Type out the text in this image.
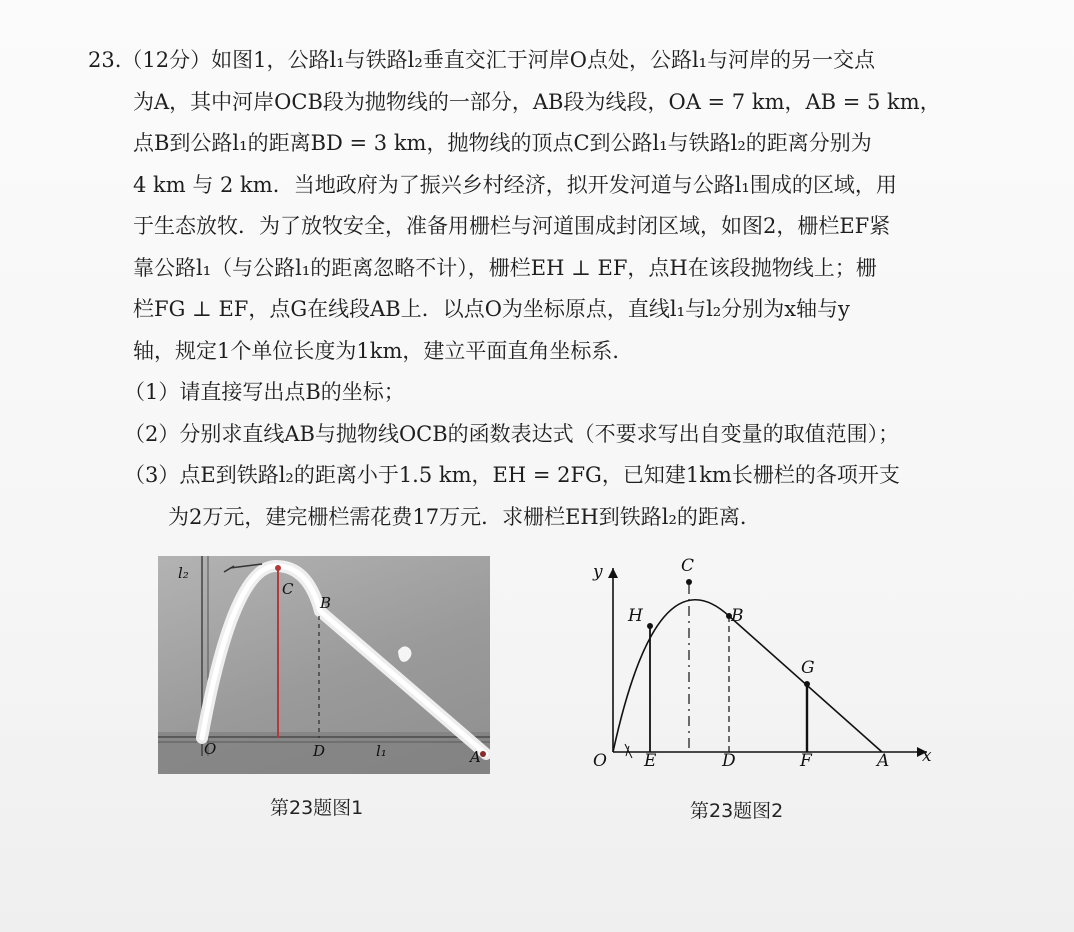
23.（12分）如图1，公路l₁与铁路l₂垂直交汇于河岸O点处，公路l₁与河岸的另一交点
为A，其中河岸OCB段为抛物线的一部分，AB段为线段，OA = 7 km，AB = 5 km，
点B到公路l₁的距离BD = 3 km，抛物线的顶点C到公路l₁与铁路l₂的距离分别为
4 km 与 2 km．当地政府为了振兴乡村经济，拟开发河道与公路l₁围成的区域，用
于生态放牧．为了放牧安全，准备用栅栏与河道围成封闭区域，如图2，栅栏EF紧
靠公路l₁（与公路l₁的距离忽略不计），栅栏EH ⊥ EF，点H在该段抛物线上；栅
栏FG ⊥ EF，点G在线段AB上．以点O为坐标原点，直线l₁与l₂分别为x轴与y
轴，规定1个单位长度为1km，建立平面直角坐标系．
（1）请直接写出点B的坐标；
（2）分别求直线AB与抛物线OCB的函数表达式（不要求写出自变量的取值范围）；
（3）点E到铁路l₂的距离小于1.5 km，EH = 2FG，已知建1km长栅栏的各项开支
为2万元，建完栅栏需花费17万元．求栅栏EH到铁路l₂的距离．
l₂
C
B
O	D	l₁	A
第23题图1
y
x
C
H	B
G
O E	D	F	A
第23题图2
